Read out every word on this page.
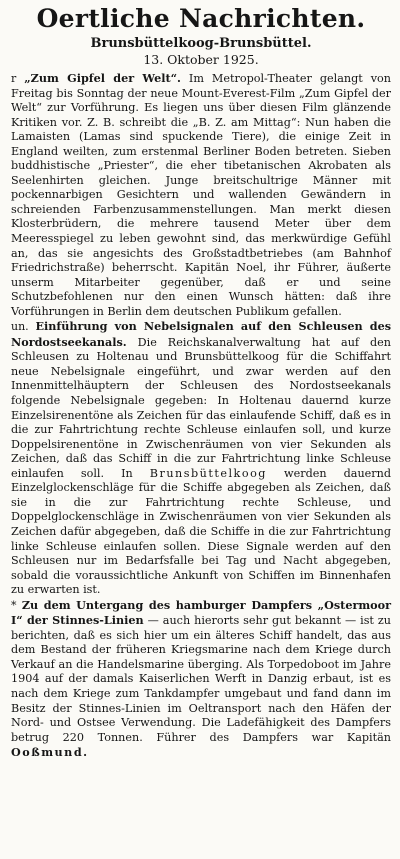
Oertliche Nachrichten.
Brunsbüttelkoog-Brunsbüttel.
13. Oktober 1925.

r „Zum Gipfel der Welt“. Im Metropol-Theater gelangt von Freitag bis Sonntag der neue Mount-Everest-Film „Zum Gipfel der Welt“ zur Vorführung. Es liegen uns über diesen Film glänzende Kritiken vor. Z. B. schreibt die „B. Z. am Mittag“: Nun haben die Lamaisten (Lamas sind spuckende Tiere), die einige Zeit in England weilten, zum erstenmal Berliner Boden betreten. Sieben buddhistische „Priester“, die eher tibetanischen Akrobaten als Seelenhirten gleichen. Junge breitschultrige Männer mit pockennarbigen Gesichtern und wallenden Gewändern in schreienden Farbenzusammenstellungen. Man merkt diesen Klosterbrüdern, die mehrere tausend Meter über dem Meeresspiegel zu leben gewohnt sind, das merkwürdige Gefühl an, das sie angesichts des Großstadtbetriebes (am Bahnhof Friedrichstraße) beherrscht. Kapitän Noel, ihr Führer, äußerte unserm Mitarbeiter gegenüber, daß er und seine Schutzbefohlenen nur den einen Wunsch hätten: daß ihre Vorführungen in Berlin dem deutschen Publikum gefallen.

un. Einführung von Nebelsignalen auf den Schleusen des Nordostseekanals. Die Reichskanalverwaltung hat auf den Schleusen zu Holtenau und Brunsbüttelkoog für die Schiffahrt neue Nebelsignale eingeführt, und zwar werden auf den Innenmittelhäuptern der Schleusen des Nordostseekanals folgende Nebelsignale gegeben: In Holtenau dauernd kurze Einzelsirenentöne als Zeichen für das einlaufende Schiff, daß es in die zur Fahrtrichtung rechte Schleuse einlaufen soll, und kurze Doppelsirenentöne in Zwischenräumen von vier Sekunden als Zeichen, daß das Schiff in die zur Fahrtrichtung linke Schleuse einlaufen soll. In Brunsbüttelkoog werden dauernd Einzelglockenschläge für die Schiffe abgegeben als Zeichen, daß sie in die zur Fahrtrichtung rechte Schleuse, und Doppelglockenschläge in Zwischenräumen von vier Sekunden als Zeichen dafür abgegeben, daß die Schiffe in die zur Fahrtrichtung linke Schleuse einlaufen sollen. Diese Signale werden auf den Schleusen nur im Bedarfsfalle bei Tag und Nacht abgegeben, sobald die voraussichtliche Ankunft von Schiffen im Binnenhafen zu erwarten ist.

* Zu dem Untergang des hamburger Dampfers „Ostermoor I“ der Stinnes-Linien — auch hierorts sehr gut bekannt — ist zu berichten, daß es sich hier um ein älteres Schiff handelt, das aus dem Bestand der früheren Kriegsmarine nach dem Kriege durch Verkauf an die Handelsmarine überging. Als Torpedoboot im Jahre 1904 auf der damals Kaiserlichen Werft in Danzig erbaut, ist es nach dem Kriege zum Tankdampfer umgebaut und fand dann im Besitz der Stinnes-Linien im Oeltransport nach den Häfen der Nord- und Ostsee Verwendung. Die Ladefähigkeit des Dampfers betrug 220 Tonnen. Führer des Dampfers war Kapitän Ooßmund.
